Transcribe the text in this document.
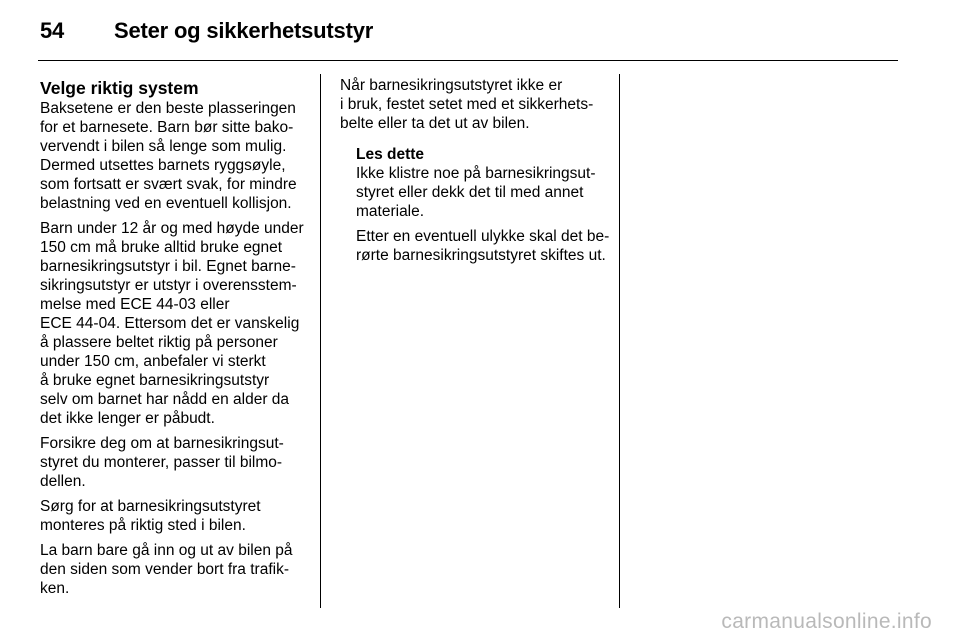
54 Seter og sikkerhetsutstyr
Velge riktig system

Baksetene er den beste plasseringen
for et barnesete. Barn bør sitte bako-
vervendt i bilen så lenge som mulig.
Dermed utsettes barnets ryggsøyle,
som fortsatt er svært svak, for mindre
belastning ved en eventuell kollisjon.

Barn under 12 år og med høyde under
150 cm må bruke alltid bruke egnet
barnesikringsutstyr i bil. Egnet barne-
sikringsutstyr er utstyr i overensstem-
melse med ECE 44-03 eller
ECE 44-04. Ettersom det er vanskelig
å plassere beltet riktig på personer
under 150 cm, anbefaler vi sterkt
å bruke egnet barnesikringsutstyr
selv om barnet har nådd en alder da
det ikke lenger er påbudt.

Forsikre deg om at barnesikringsut-
styret du monterer, passer til bilmo-
dellen.

Sørg for at barnesikringsutstyret
monteres på riktig sted i bilen.

La barn bare gå inn og ut av bilen på
den siden som vender bort fra trafik-
ken.

Når barnesikringsutstyret ikke er
i bruk, festet setet med et sikkerhets-
belte eller ta det ut av bilen.

Les dette

Ikke klistre noe på barnesikringsut-
styret eller dekk det til med annet
materiale.

Etter en eventuell ulykke skal det be-
rørte barnesikringsutstyret skiftes ut.

carmanualsonline.info
